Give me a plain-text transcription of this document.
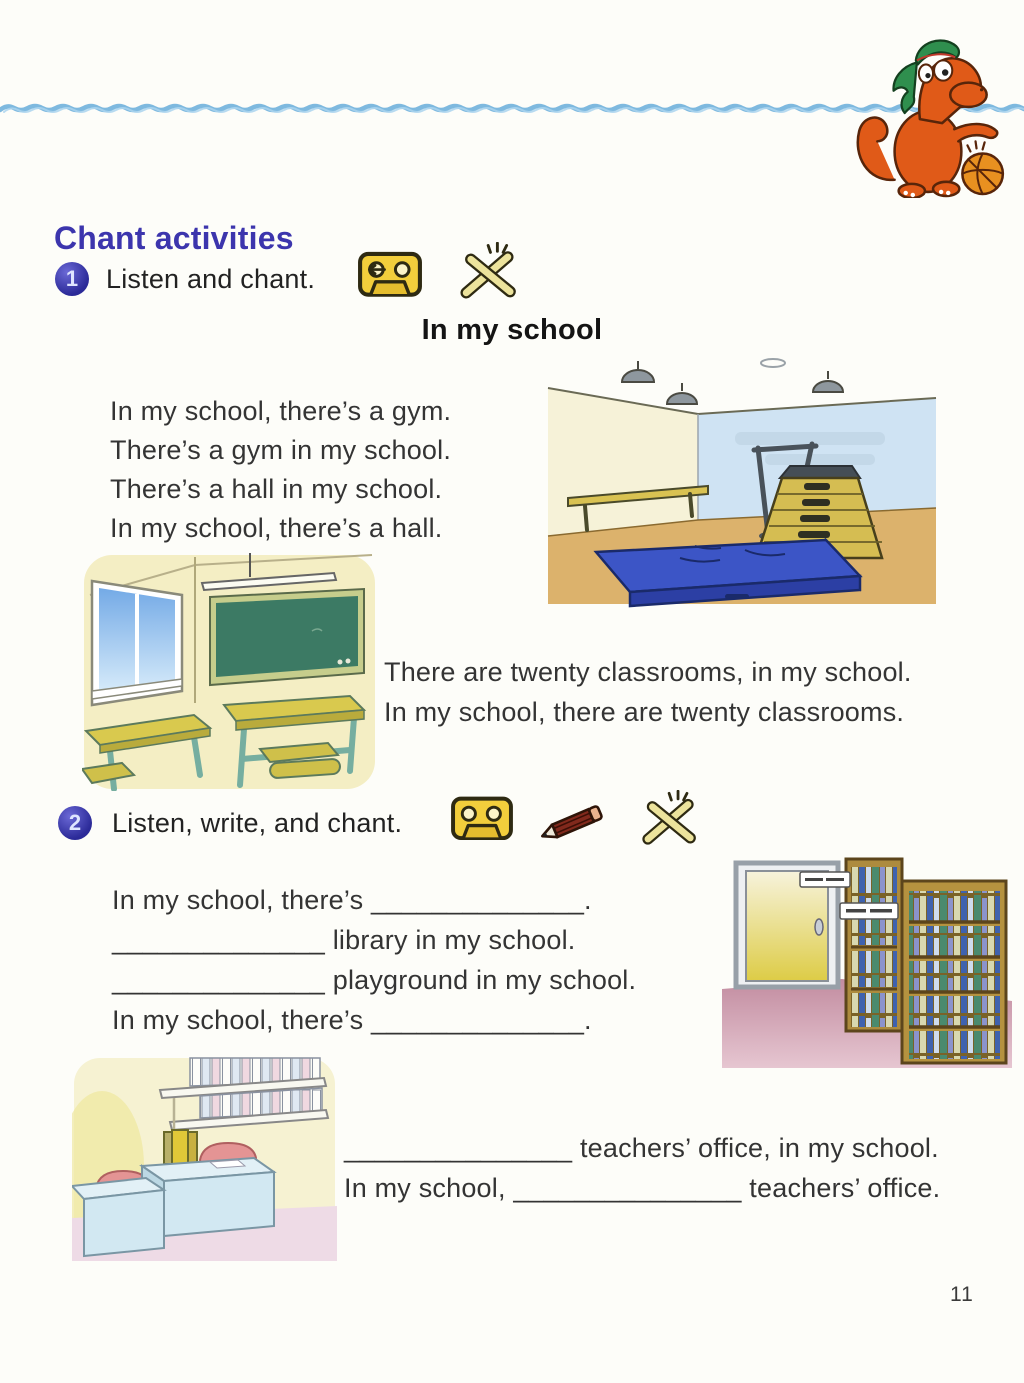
Chant activities
1	Listen and chant.
In my school
In my school, there’s a gym.
There’s a gym in my school.
There’s a hall in my school.
In my school, there’s a hall.
There are twenty classrooms, in my school.
In my school, there are twenty classrooms.
2	Listen, write, and chant.
In my school, there’s ______________.
______________ library in my school.
______________ playground in my school.
In my school, there’s ______________.
_______________ teachers’ office, in my school.
In my school, _______________ teachers’ office.
11
